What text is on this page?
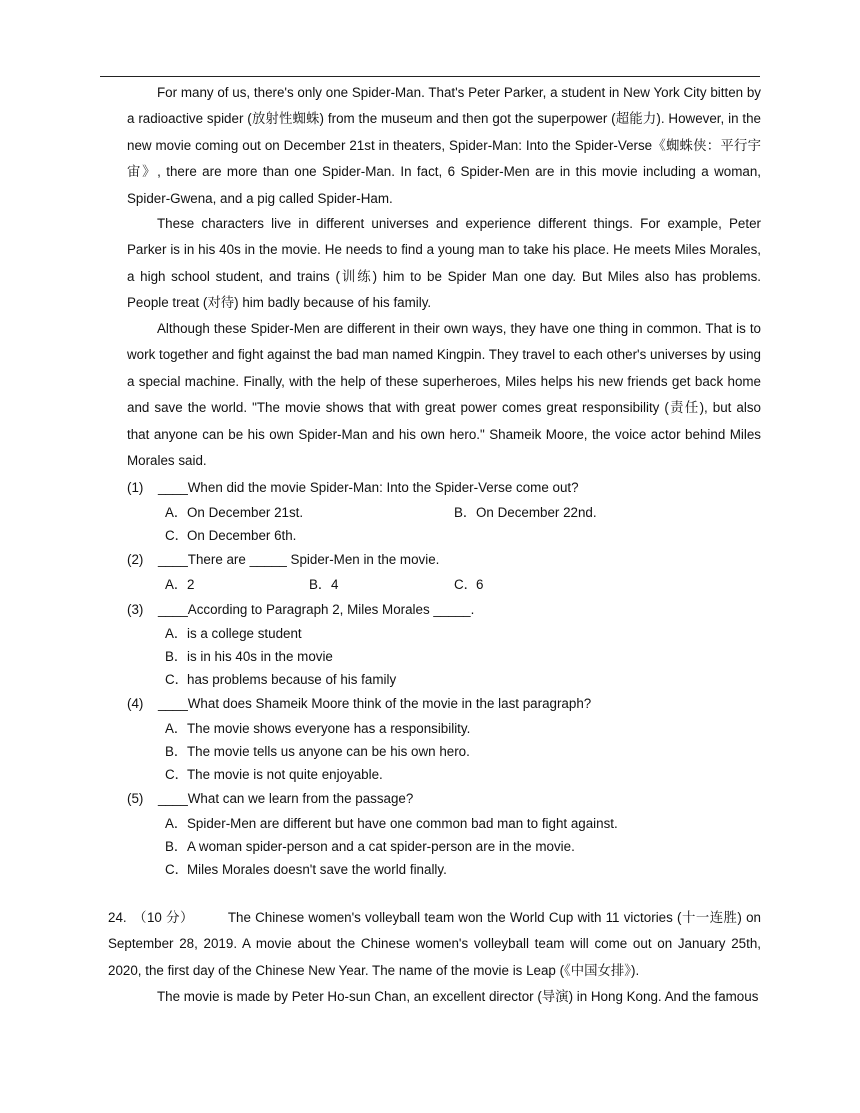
For many of us, there's only one Spider-Man. That's Peter Parker, a student in New York City bitten by a radioactive spider (放射性蜘蛛) from the museum and then got the superpower (超能力). However, in the new movie coming out on December 21st in theaters, Spider-Man: Into the Spider-Verse《蜘蛛侠：平行宇宙》, there are more than one Spider-Man. In fact, 6 Spider-Men are in this movie including a woman, Spider-Gwena, and a pig called Spider-Ham.

These characters live in different universes and experience different things. For example, Peter Parker is in his 40s in the movie. He needs to find a young man to take his place. He meets Miles Morales, a high school student, and trains (训练) him to be Spider Man one day. But Miles also has problems. People treat (对待) him badly because of his family.

Although these Spider-Men are different in their own ways, they have one thing in common. That is to work together and fight against the bad man named Kingpin. They travel to each other's universes by using a special machine. Finally, with the help of these superheroes, Miles helps his new friends get back home and save the world. "The movie shows that with great power comes great responsibility (责任), but also that anyone can be his own Spider-Man and his own hero." Shameik Moore, the voice actor behind Miles Morales said.

(1) ____When did the movie Spider-Man: Into the Spider-Verse come out?
A．On December 21st.	B．On December 22nd.
C．On December 6th.
(2) ____There are _____ Spider-Men in the movie.
A．2	B．4	C．6
(3) ____According to Paragraph 2, Miles Morales _____.
A．is a college student
B．is in his 40s in the movie
C．has problems because of his family
(4) ____What does Shameik Moore think of the movie in the last paragraph?
A．The movie shows everyone has a responsibility.
B．The movie tells us anyone can be his own hero.
C．The movie is not quite enjoyable.
(5) ____What can we learn from the passage?
A．Spider-Men are different but have one common bad man to fight against.
B．A woman spider-person and a cat spider-person are in the movie.
C．Miles Morales doesn't save the world finally.

24. （10 分）	The Chinese women's volleyball team won the World Cup with 11 victories (十一连胜) on September 28, 2019. A movie about the Chinese women's volleyball team will come out on January 25th, 2020, the first day of the Chinese New Year. The name of the movie is Leap (《中国女排》).

The movie is made by Peter Ho-sun Chan, an excellent director (导演) in Hong Kong. And the famous
